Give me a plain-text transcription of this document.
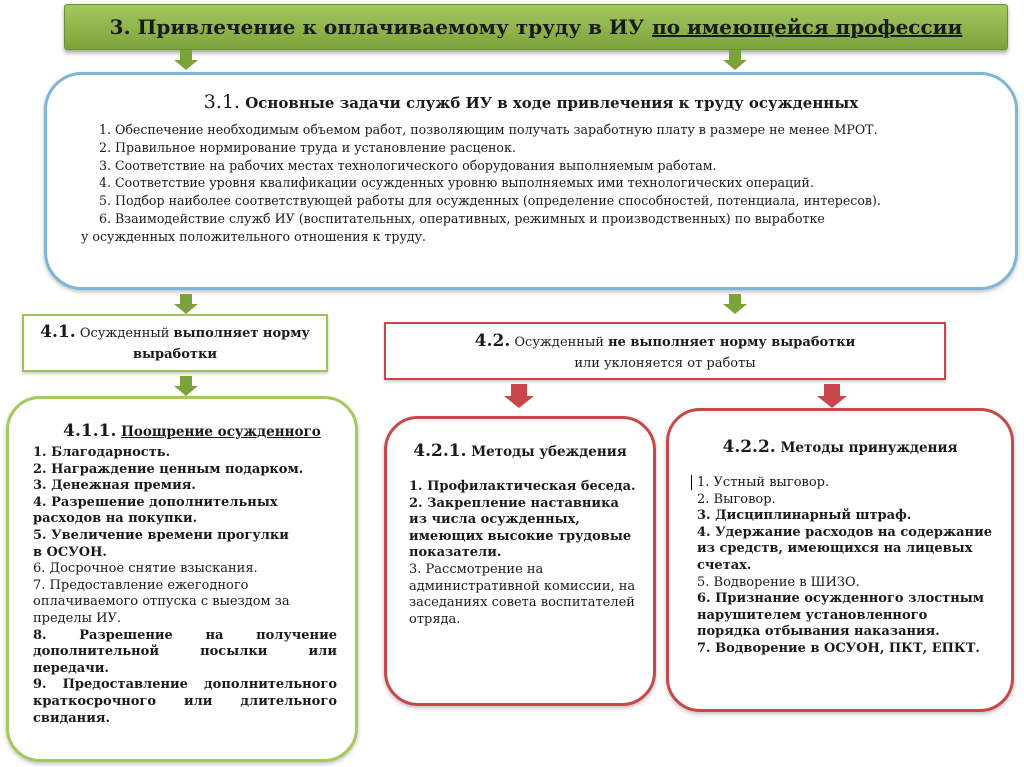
3. Привлечение к оплачиваемому труду в ИУ по имеющейся профессии
3.1. Основные задачи служб ИУ в ходе привлечения к труду осужденных
1. Обеспечение необходимым объемом работ, позволяющим получать заработную плату в размере не менее МРОТ.
2. Правильное нормирование труда и установление расценок.
3. Соответствие на рабочих местах технологического оборудования выполняемым работам.
4. Соответствие уровня квалификации осужденных уровню выполняемых ими технологических операций.
5. Подбор наиболее соответствующей работы для осужденных (определение способностей, потенциала, интересов).
6. Взаимодействие служб ИУ (воспитательных, оперативных, режимных и производственных) по выработке
у осужденных положительного отношения к труду.
4.1. Осужденный выполняет норму
выработки
4.2. Осужденный не выполняет норму выработки
или уклоняется от работы
4.1.1. Поощрение осужденного
1. Благодарность.
2. Награждение ценным подарком.
3. Денежная премия.
4. Разрешение дополнительных расходов на покупки.
5. Увеличение времени прогулки в ОСУОН.
6. Досрочное снятие взыскания.
7. Предоставление ежегодного оплачиваемого отпуска с выездом за пределы ИУ.
8. Разрешение на получение дополнительной посылки или передачи.
9. Предоставление дополнительного краткосрочного или длительного свидания.
4.2.1. Методы убеждения
1. Профилактическая беседа.
2. Закрепление наставника из числа осужденных, имеющих высокие трудовые показатели.
3. Рассмотрение на административной комиссии, на заседаниях совета воспитателей отряда.
4.2.2. Методы принуждения
1. Устный выговор.
2. Выговор.
3. Дисциплинарный штраф.
4. Удержание расходов на содержание из средств, имеющихся на лицевых счетах.
5. Водворение в ШИЗО.
6. Признание осужденного злостным нарушителем установленного порядка отбывания наказания.
7. Водворение в ОСУОН, ПКТ, ЕПКТ.
